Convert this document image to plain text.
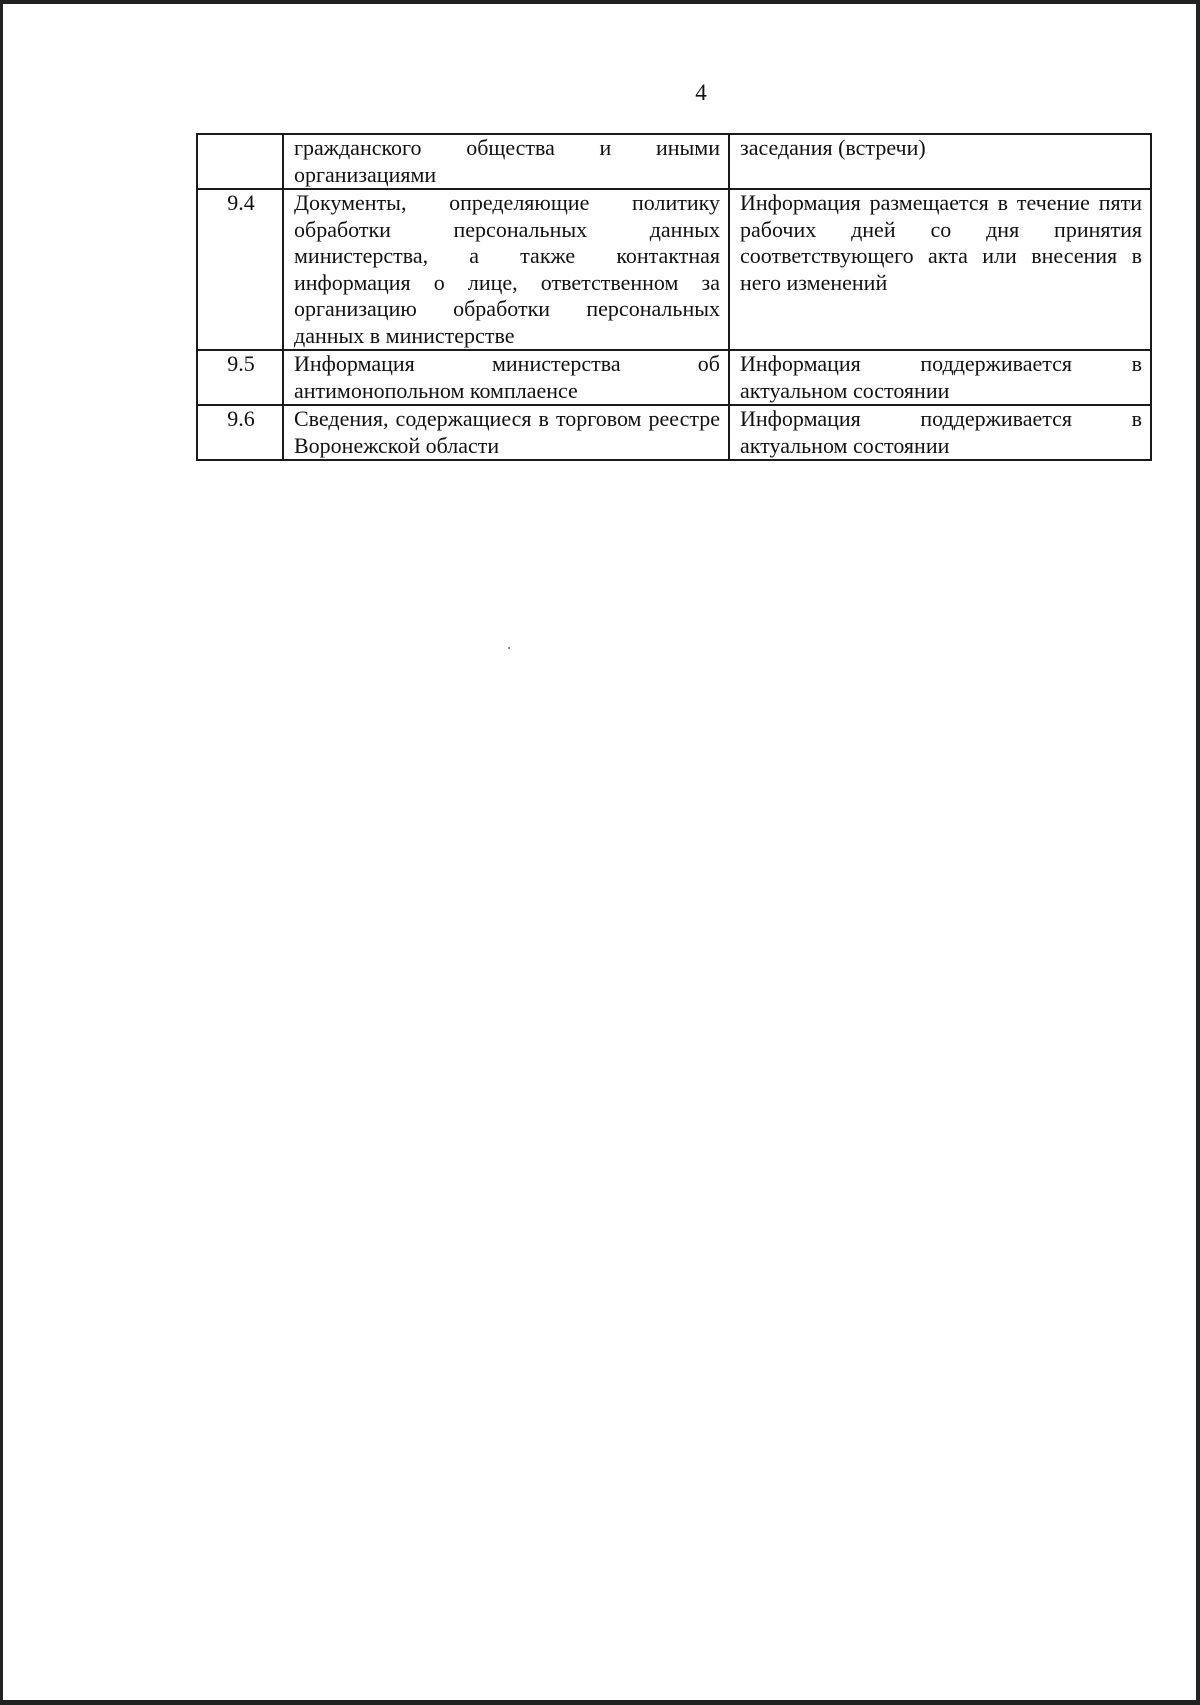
4

	гражданского общества и иными организациями	заседания (встречи)

9.4	Документы, определяющие политику обработки персональных данных министерства, а также контактная информация о лице, ответственном за организацию обработки персональных данных в министерстве	Информация размещается в течение пяти рабочих дней со дня принятия соответствующего акта или внесения в него изменений

9.5	Информация министерства об антимонопольном комплаенсе	Информация поддерживается в актуальном состоянии

9.6	Сведения, содержащиеся в торговом реестре Воронежской области	Информация поддерживается в актуальном состоянии
